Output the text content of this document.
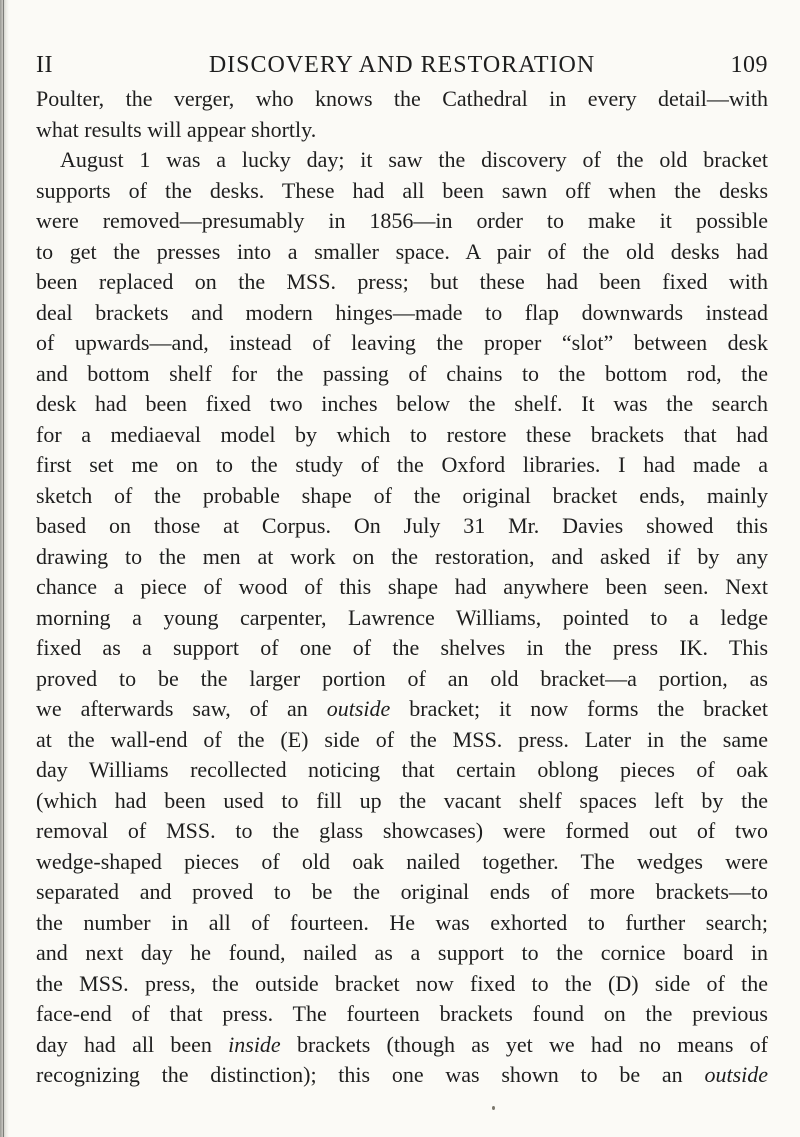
II	DISCOVERY AND RESTORATION	109

Poulter, the verger, who knows the Cathedral in every detail—with

what results will appear shortly.

August 1 was a lucky day; it saw the discovery of the old bracket

supports of the desks. These had all been sawn off when the desks

were removed—presumably in 1856—in order to make it possible

to get the presses into a smaller space. A pair of the old desks had

been replaced on the MSS. press; but these had been fixed with

deal brackets and modern hinges—made to flap downwards instead

of upwards—and, instead of leaving the proper “slot” between desk

and bottom shelf for the passing of chains to the bottom rod, the

desk had been fixed two inches below the shelf. It was the search

for a mediaeval model by which to restore these brackets that had

first set me on to the study of the Oxford libraries. I had made a

sketch of the probable shape of the original bracket ends, mainly

based on those at Corpus. On July 31 Mr. Davies showed this

drawing to the men at work on the restoration, and asked if by any

chance a piece of wood of this shape had anywhere been seen. Next

morning a young carpenter, Lawrence Williams, pointed to a ledge

fixed as a support of one of the shelves in the press IK. This

proved to be the larger portion of an old bracket—a portion, as

we afterwards saw, of an outside bracket; it now forms the bracket

at the wall-end of the (E) side of the MSS. press. Later in the same

day Williams recollected noticing that certain oblong pieces of oak

(which had been used to fill up the vacant shelf spaces left by the

removal of MSS. to the glass showcases) were formed out of two

wedge-shaped pieces of old oak nailed together. The wedges were

separated and proved to be the original ends of more brackets—to

the number in all of fourteen. He was exhorted to further search;

and next day he found, nailed as a support to the cornice board in

the MSS. press, the outside bracket now fixed to the (D) side of the

face-end of that press. The fourteen brackets found on the previous

day had all been inside brackets (though as yet we had no means of

recognizing the distinction); this one was shown to be an outside
